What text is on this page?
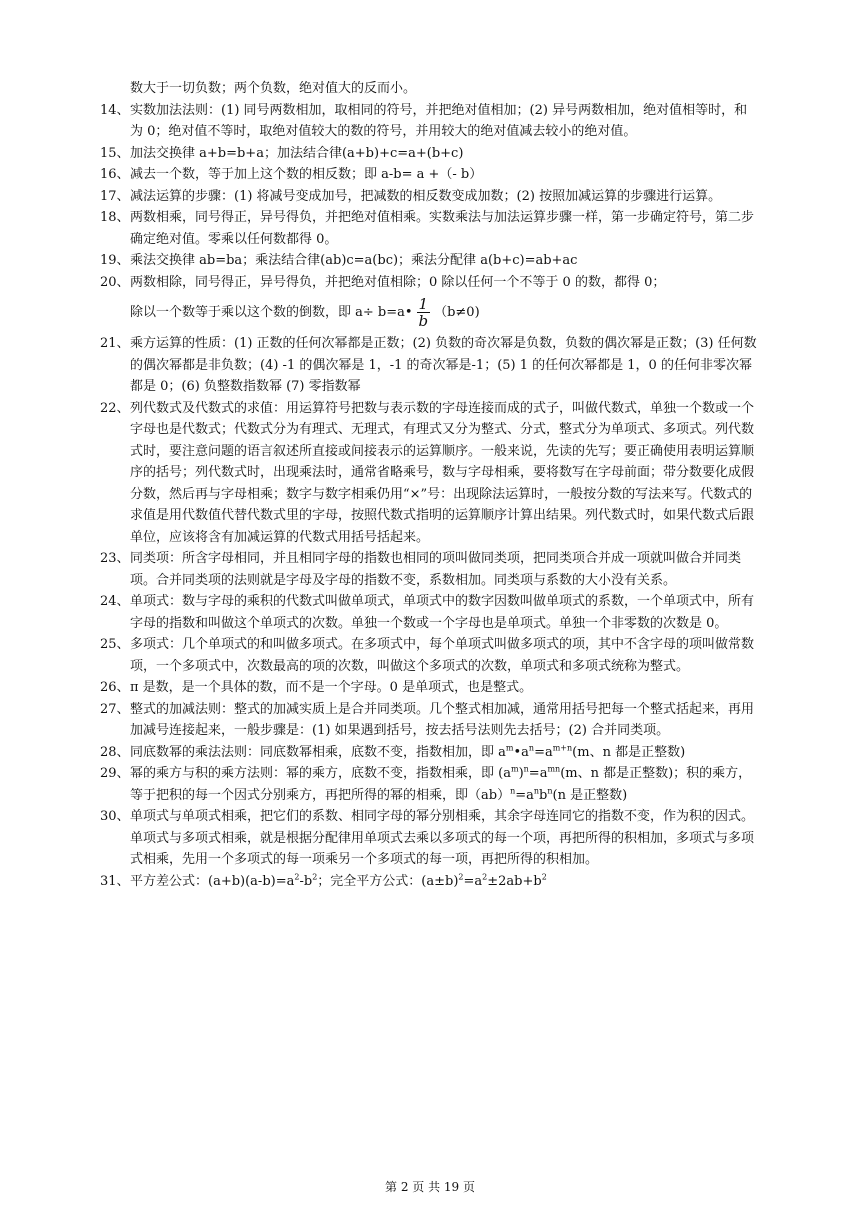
数大于一切负数；两个负数，绝对值大的反而小。

14、 实数加法法则：(1) 同号两数相加，取相同的符号，并把绝对值相加；(2) 异号两数相加，绝对值相等时，和为 0；绝对值不等时，取绝对值较大的数的符号，并用较大的绝对值减去较小的绝对值。

15、 加法交换律 a+b=b+a；加法结合律(a+b)+c=a+(b+c)

16、 减去一个数，等于加上这个数的相反数；即 a-b= a +（- b）

17、 减法运算的步骤：(1) 将减号变成加号，把减数的相反数变成加数；(2) 按照加减运算的步骤进行运算。

18、 两数相乘，同号得正，异号得负，并把绝对值相乘。实数乘法与加法运算步骤一样，第一步确定符号，第二步确定绝对值。零乘以任何数都得 0。

19、 乘法交换律 ab=ba；乘法结合律(ab)c=a(bc)；乘法分配律 a(b+c)=ab+ac

20、 两数相除，同号得正，异号得负，并把绝对值相除；0 除以任何一个不等于 0 的数，都得 0；
除以一个数等于乘以这个数的倒数，即 a÷ b=a• $\frac{1}{b} (b\ne 0)$

21、 乘方运算的性质：(1) 正数的任何次幂都是正数；(2) 负数的奇次幂是负数，负数的偶次幂是正数；(3) 任何数的偶次幂都是非负数；(4) -1 的偶次幂是 1，-1 的奇次幂是-1；(5) 1 的任何次幂都是 1，0 的任何非零次幂都是 0；(6) 负整数指数幂 (7) 零指数幂

22、 列代数式及代数式的求值：用运算符号把数与表示数的字母连接而成的式子，叫做代数式，单独一个数或一个字母也是代数式；代数式分为有理式、无理式，有理式又分为整式、分式，整式分为单项式、多项式。列代数式时，要注意问题的语言叙述所直接或间接表示的运算顺序。一般来说，先读的先写；要正确使用表明运算顺序的括号；列代数式时，出现乘法时，通常省略乘号，数与字母相乘，要将数写在字母前面；带分数要化成假分数，然后再与字母相乘；数字与数字相乘仍用“×”号：出现除法运算时，一般按分数的写法来写。代数式的求值是用代数值代替代数式里的字母，按照代数式指明的运算顺序计算出结果。列代数式时，如果代数式后跟单位，应该将含有加减运算的代数式用括号括起来。

23、 同类项：所含字母相同，并且相同字母的指数也相同的项叫做同类项，把同类项合并成一项就叫做合并同类项。合并同类项的法则就是字母及字母的指数不变，系数相加。同类项与系数的大小没有关系。

24、 单项式：数与字母的乘积的代数式叫做单项式，单项式中的数字因数叫做单项式的系数，一个单项式中，所有字母的指数和叫做这个单项式的次数。单独一个数或一个字母也是单项式。单独一个非零数的次数是 0。

25、 多项式：几个单项式的和叫做多项式。在多项式中，每个单项式叫做多项式的项，其中不含字母的项叫做常数项，一个多项式中，次数最高的项的次数，叫做这个多项式的次数，单项式和多项式统称为整式。

26、 π 是数，是一个具体的数，而不是一个字母。0 是单项式，也是整式。

27、 整式的加减法则：整式的加减实质上是合并同类项。几个整式相加减，通常用括号把每一个整式括起来，再用加减号连接起来，一般步骤是：(1) 如果遇到括号，按去括号法则先去括号；(2) 合并同类项。

28、 同底数幂的乘法法则：同底数幂相乘，底数不变，指数相加，即 $a^m•a^n=a^{m+n}(m$、n 都是正整数)

29、 幂的乘方与积的乘方法则：幂的乘方，底数不变，指数相乘，即 $(a^m)^n=a^{mn}(m$、n 都是正整数)；积的乘方，等于把积的每一个因式分别乘方，再把所得的幂的相乘，即$(ab)^n=a^nb^n(n$ 是正整数)

30、 单项式与单项式相乘，把它们的系数、相同字母的幂分别相乘，其余字母连同它的指数不变，作为积的因式。单项式与多项式相乘，就是根据分配律用单项式去乘以多项式的每一个项，再把所得的积相加，多项式与多项式相乘，先用一个多项式的每一项乘另一个多项式的每一项，再把所得的积相加。

31、 平方差公式：$(a+b)(a-b)=a^2-b^2$；完全平方公式：$(a\pm b)^2=a^2\pm 2ab+b^2$

第 2 页 共 19 页
